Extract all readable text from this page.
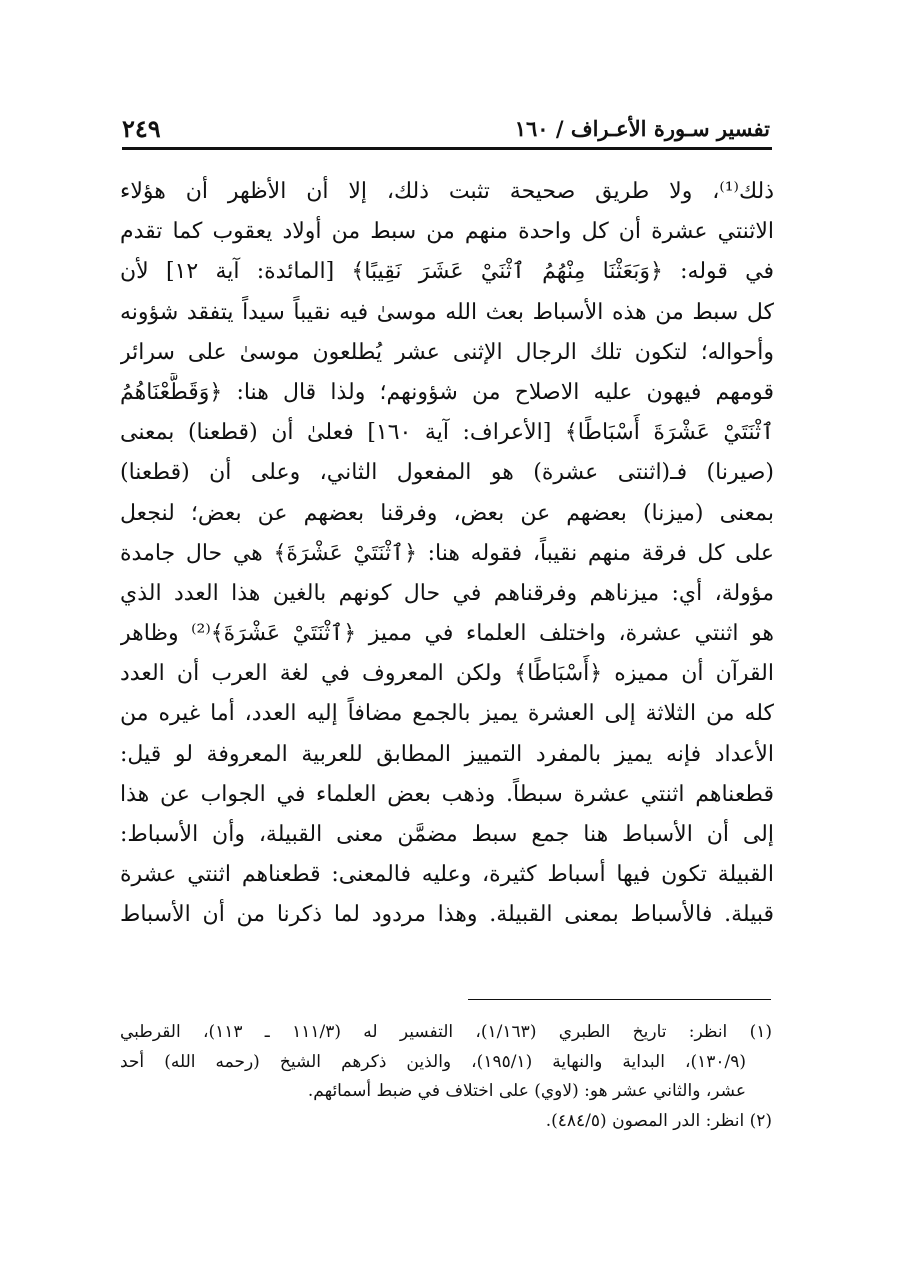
تفسير سـورة الأعـراف / ١٦٠
٢٤٩
ذلك⁽¹⁾، ولا طريق صحيحة تثبت ذلك، إلا أن الأظهر أن هؤلاء
الاثنتي عشرة أن كل واحدة منهم من سبط من أولاد يعقوب كما تقدم
في قوله: ﴿وَبَعَثْنَا مِنْهُمُ ٱثْنَيْ عَشَرَ نَقِيبًا﴾ [المائدة: آية ١٢] لأن
كل سبط من هذه الأسباط بعث الله موسىٰ فيه نقيباً سيداً يتفقد شؤونه
وأحواله؛ لتكون تلك الرجال الإثنى عشر يُطلعون موسىٰ على سرائر
قومهم فيهون عليه الاصلاح من شؤونهم؛ ولذا قال هنا: ﴿وَقَطَّعْنَاهُمُ
ٱثْنَتَيْ عَشْرَةَ أَسْبَاطًا﴾ [الأعراف: آية ١٦٠] فعلىٰ أن (قطعنا) بمعنى
(صيرنا) فـ(اثنتى عشرة) هو المفعول الثاني، وعلى أن (قطعنا)
بمعنى (ميزنا) بعضهم عن بعض، وفرقنا بعضهم عن بعض؛ لنجعل
على كل فرقة منهم نقيباً، فقوله هنا: ﴿ٱثْنَتَيْ عَشْرَةَ﴾ هي حال جامدة
مؤولة، أي: ميزناهم وفرقناهم في حال كونهم بالغين هذا العدد الذي
هو اثنتي عشرة، واختلف العلماء في مميز ﴿ٱثْنَتَيْ عَشْرَةَ﴾⁽²⁾ وظاهر
القرآن أن مميزه ﴿أَسْبَاطًا﴾ ولكن المعروف في لغة العرب أن العدد
كله من الثلاثة إلى العشرة يميز بالجمع مضافاً إليه العدد، أما غيره من
الأعداد فإنه يميز بالمفرد التمييز المطابق للعربية المعروفة لو قيل:
قطعناهم اثنتي عشرة سبطاً. وذهب بعض العلماء في الجواب عن هذا
إلى أن الأسباط هنا جمع سبط مضمَّن معنى القبيلة، وأن الأسباط:
القبيلة تكون فيها أسباط كثيرة، وعليه فالمعنى: قطعناهم اثنتي عشرة
قبيلة. فالأسباط بمعنى القبيلة. وهذا مردود لما ذكرنا من أن الأسباط
(١) انظر: تاريخ الطبري (١/١٦٣)، التفسير له (١١١/٣ ـ ١١٣)، القرطبي
(١٣٠/٩)، البداية والنهاية (١٩٥/١)، والذين ذكرهم الشيخ (رحمه الله) أحد
عشر، والثاني عشر هو: (لاوي) على اختلاف في ضبط أسمائهم.
(٢) انظر: الدر المصون (٤٨٤/٥).
